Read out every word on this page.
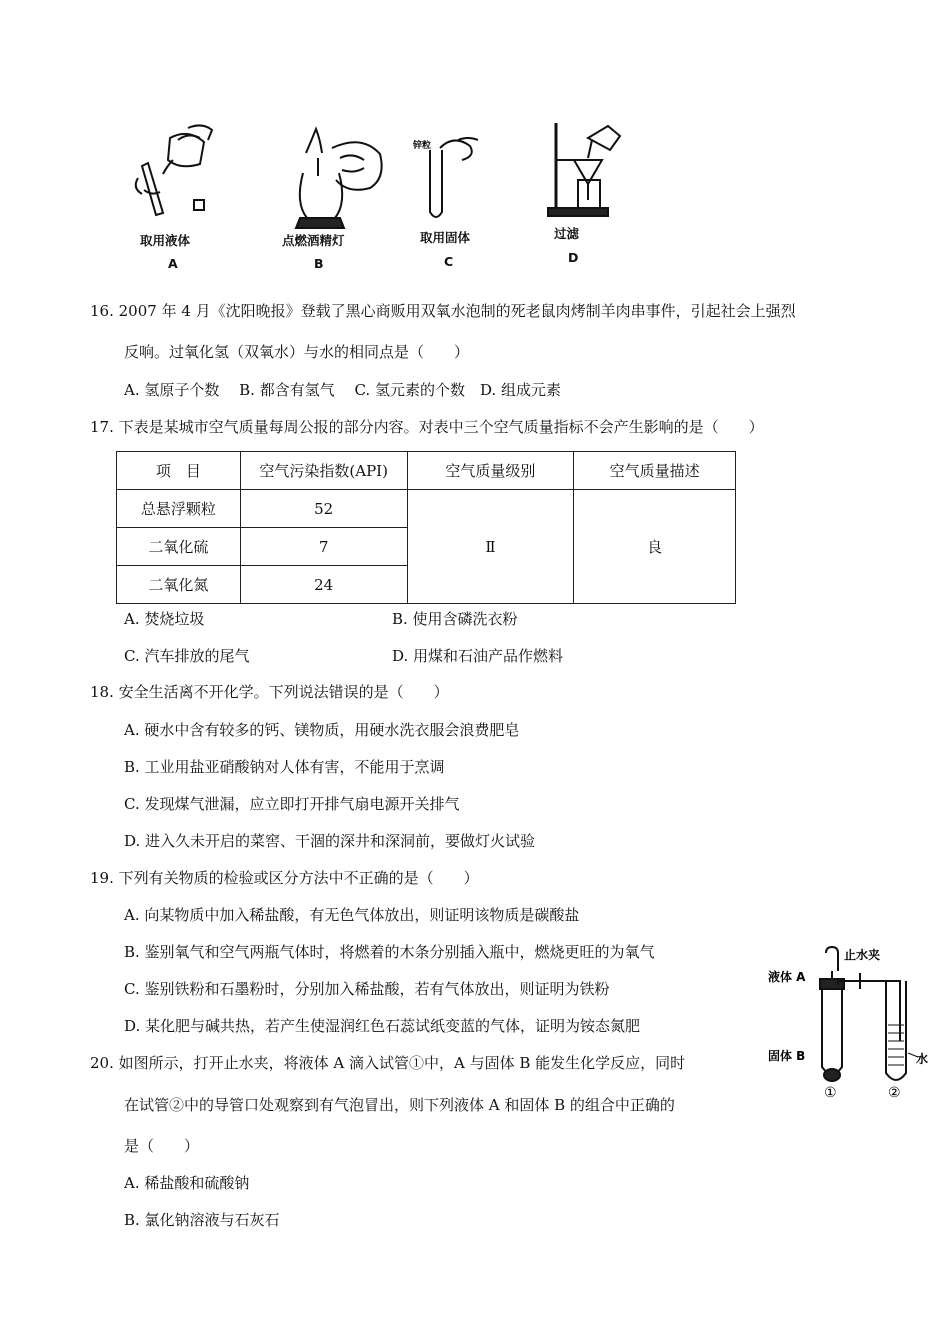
锌粒
取用液体	点燃酒精灯	取用固体	过滤
A	B	C	D
16. 2007 年 4 月《沈阳晚报》登载了黑心商贩用双氧水泡制的死老鼠肉烤制羊肉串事件，引起社会上强烈
反响。过氧化氢（双氧水）与水的相同点是（　　）
A. 氢原子个数　 B. 都含有氢气　 C. 氢元素的个数　D. 组成元素
17. 下表是某城市空气质量每周公报的部分内容。对表中三个空气质量指标不会产生影响的是（　　）
项　目	空气污染指数(API)	空气质量级别	空气质量描述
总悬浮颗粒	52	Ⅱ	良
二氧化硫	7		
二氧化氮	24		
A. 焚烧垃圾	B. 使用含磷洗衣粉
C. 汽车排放的尾气	D. 用煤和石油产品作燃料
18. 安全生活离不开化学。下列说法错误的是（　　）
A. 硬水中含有较多的钙、镁物质，用硬水洗衣服会浪费肥皂
B. 工业用盐亚硝酸钠对人体有害，不能用于烹调
C. 发现煤气泄漏，应立即打开排气扇电源开关排气
D. 进入久未开启的菜窖、干涸的深井和深洞前，要做灯火试验
19. 下列有关物质的检验或区分方法中不正确的是（　　）
A. 向某物质中加入稀盐酸，有无色气体放出，则证明该物质是碳酸盐
B. 鉴别氧气和空气两瓶气体时，将燃着的木条分别插入瓶中，燃烧更旺的为氧气
C. 鉴别铁粉和石墨粉时，分别加入稀盐酸，若有气体放出，则证明为铁粉
D. 某化肥与碱共热，若产生使湿润红色石蕊试纸变蓝的气体，证明为铵态氮肥
止水夹
液体 A
固体 B	水
①	②
20. 如图所示，打开止水夹，将液体 A 滴入试管①中，A 与固体 B 能发生化学反应，同时
在试管②中的导管口处观察到有气泡冒出，则下列液体 A 和固体 B 的组合中正确的
是（　　）
A. 稀盐酸和硫酸钠
B. 氯化钠溶液与石灰石
